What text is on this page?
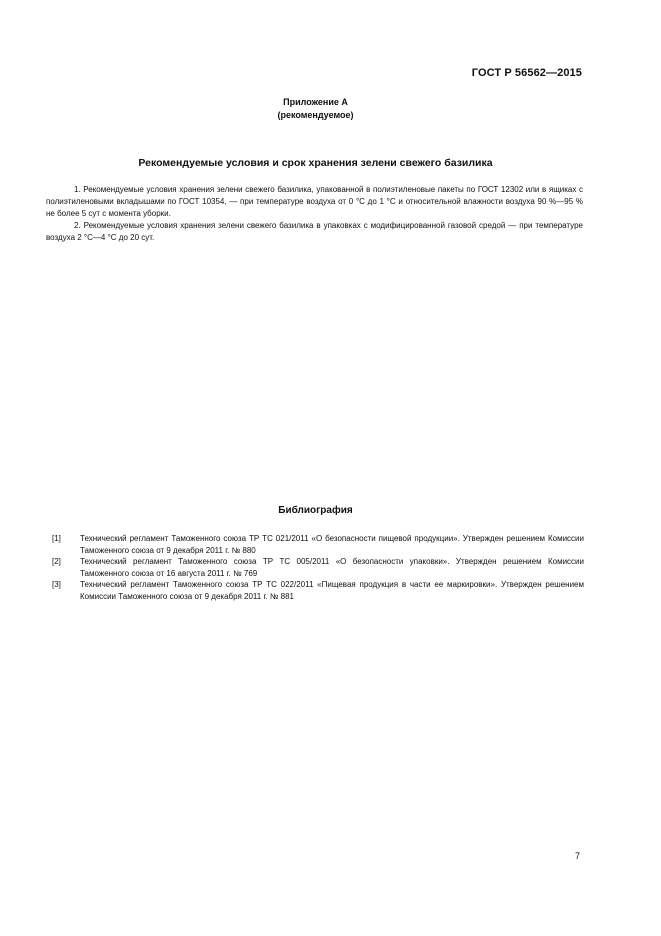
ГОСТ Р 56562—2015
Приложение А
(рекомендуемое)
Рекомендуемые условия и срок хранения зелени свежего базилика

1. Рекомендуемые условия хранения зелени свежего базилика, упакованной в полиэтиленовые пакеты по ГОСТ 12302 или в ящиках с полиэтиленовыми вкладышами по ГОСТ 10354, — при температуре воздуха от 0 °С до 1 °С и относительной влажности воздуха 90 %—95 % не более 5 сут с момента уборки.

2. Рекомендуемые условия хранения зелени свежего базилика в упаковках с модифицированной газовой средой — при температуре воздуха 2 °С—4 °С до 20 сут.

Библиография
[1]	Технический регламент Таможенного союза ТР ТС 021/2011 «О безопасности пищевой продукции». Утвержден решением Комиссии Таможенного союза от 9 декабря 2011 г. № 880
[2]	Технический регламент Таможенного союза ТР ТС 005/2011 «О безопасности упаковки». Утвержден решением Комиссии Таможенного союза от 16 августа 2011 г. № 769
[3]	Технический регламент Таможенного союза ТР ТС 022/2011 «Пищевая продукция в части ее маркировки». Утвержден решением Комиссии Таможенного союза от 9 декабря 2011 г. № 881
7
